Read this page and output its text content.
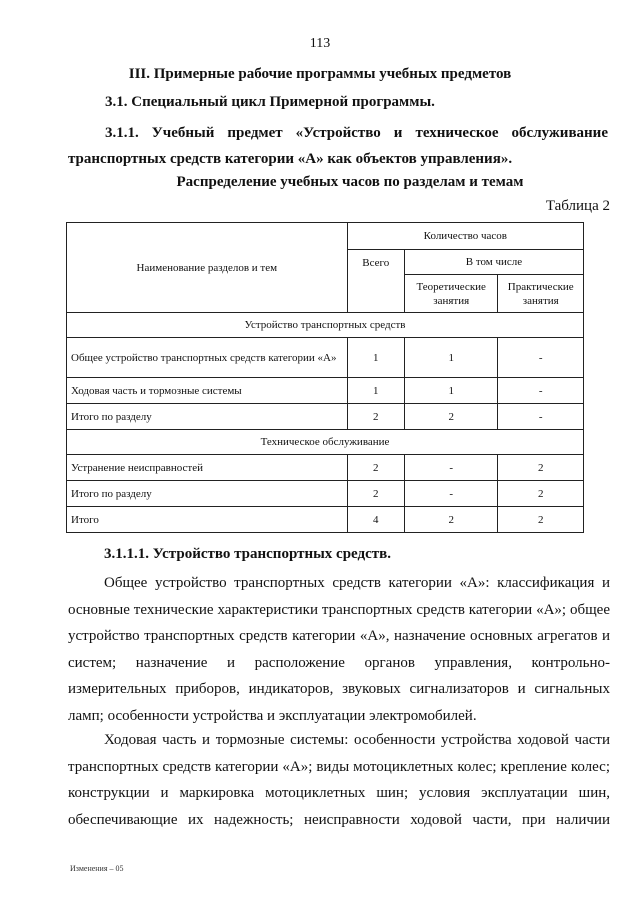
113
III. Примерные рабочие программы учебных предметов
3.1. Специальный цикл Примерной программы.
3.1.1. Учебный предмет «Устройство и техническое обслуживание транспортных средств категории «А» как объектов управления».
Распределение учебных часов по разделам и темам
Таблица 2
Наименование разделов и тем	Количество часов		
	Всего	В том числе	
		Теоретические занятия	Практические занятия
Устройство транспортных средств			
Общее устройство транспортных средств категории «А»	1	1	-
Ходовая часть и тормозные системы	1	1	-
Итого по разделу	2	2	-
Техническое обслуживание			
Устранение неисправностей	2	-	2
Итого по разделу	2	-	2
Итого	4	2	2
3.1.1.1. Устройство транспортных средств.
Общее устройство транспортных средств категории «А»: классификация и основные технические характеристики транспортных средств категории «А»; общее устройство транспортных средств категории «А», назначение основных агрегатов и систем; назначение и расположение органов управления, контрольно-измерительных приборов, индикаторов, звуковых сигнализаторов и сигнальных ламп; особенности устройства и эксплуатации электромобилей.
Ходовая часть и тормозные системы: особенности устройства ходовой части транспортных средств категории «А»; виды мотоциклетных колес; крепление колес; конструкции и маркировка мотоциклетных шин; условия эксплуатации шин, обеспечивающие их надежность; неисправности ходовой части, при наличии
Изменения – 05
